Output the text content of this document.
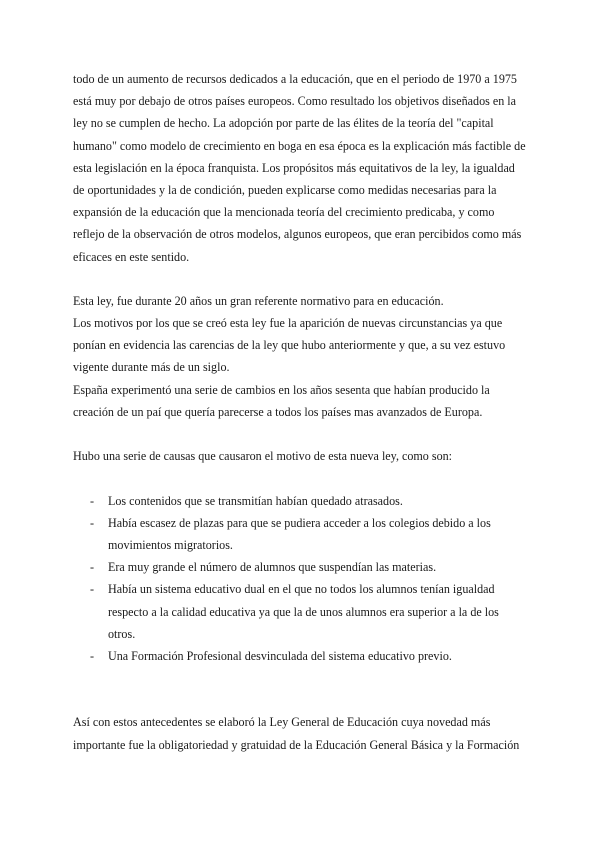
todo de un aumento de recursos dedicados a la educación, que en el periodo de 1970 a 1975
está muy por debajo de otros países europeos. Como resultado los objetivos diseñados en la
ley no se cumplen de hecho. La adopción por parte de las élites de la teoría del "capital
humano" como modelo de crecimiento en boga en esa época es la explicación más factible de
esta legislación en la época franquista. Los propósitos más equitativos de la ley, la igualdad
de oportunidades y la de condición, pueden explicarse como medidas necesarias para la
expansión de la educación que la mencionada teoría del crecimiento predicaba, y como
reflejo de la observación de otros modelos, algunos europeos, que eran percibidos como más
eficaces en este sentido.
Esta ley, fue durante 20 años un gran referente normativo para en educación.
Los motivos por los que se creó esta ley fue la aparición de nuevas circunstancias ya que
ponían en evidencia las carencias de la ley que hubo anteriormente y que, a su vez estuvo
vigente durante más de un siglo.
España experimentó una serie de cambios en los años sesenta que habían producido la
creación de un paí que quería parecerse a todos los países mas avanzados de Europa.
Hubo una serie de causas que causaron el motivo de esta nueva ley, como son:
-	Los contenidos que se transmitían habían quedado atrasados.
-	Había escasez de plazas para que se pudiera acceder a los colegios debido a los
movimientos migratorios.
-	Era muy grande el número de alumnos que suspendían las materias.
-	Había un sistema educativo dual en el que no todos los alumnos tenían igualdad
respecto a la calidad educativa ya que la de unos alumnos era superior a la de los
otros.
-	Una Formación Profesional desvinculada del sistema educativo previo.
Así con estos antecedentes se elaboró la Ley General de Educación cuya novedad más
importante fue la obligatoriedad y gratuidad de la Educación General Básica y la Formación
